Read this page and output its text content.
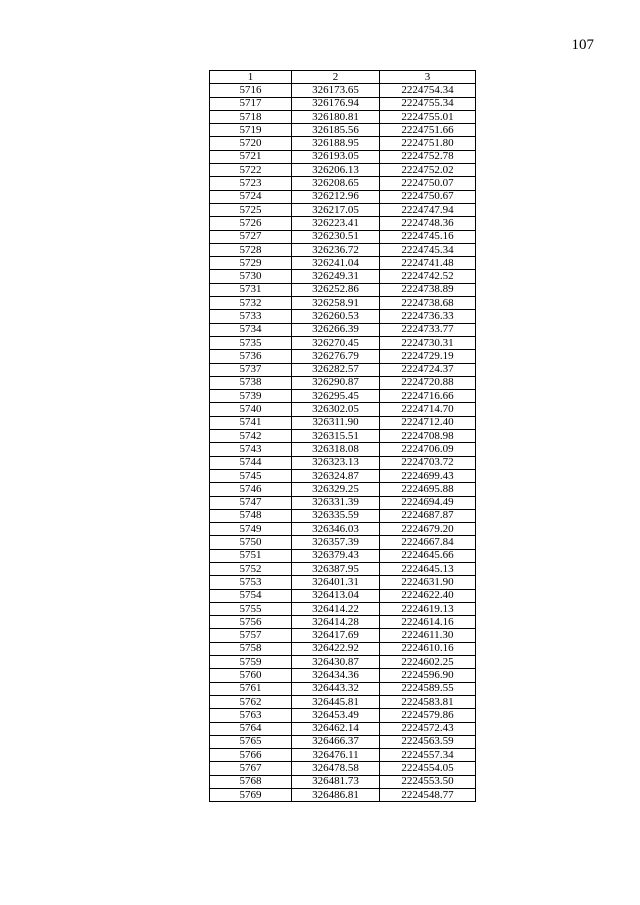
107
1	2	3
5716	326173.65	2224754.34
5717	326176.94	2224755.34
5718	326180.81	2224755.01
5719	326185.56	2224751.66
5720	326188.95	2224751.80
5721	326193.05	2224752.78
5722	326206.13	2224752.02
5723	326208.65	2224750.07
5724	326212.96	2224750.67
5725	326217.05	2224747.94
5726	326223.41	2224748.36
5727	326230.51	2224745.16
5728	326236.72	2224745.34
5729	326241.04	2224741.48
5730	326249.31	2224742.52
5731	326252.86	2224738.89
5732	326258.91	2224738.68
5733	326260.53	2224736.33
5734	326266.39	2224733.77
5735	326270.45	2224730.31
5736	326276.79	2224729.19
5737	326282.57	2224724.37
5738	326290.87	2224720.88
5739	326295.45	2224716.66
5740	326302.05	2224714.70
5741	326311.90	2224712.40
5742	326315.51	2224708.98
5743	326318.08	2224706.09
5744	326323.13	2224703.72
5745	326324.87	2224699.43
5746	326329.25	2224695.88
5747	326331.39	2224694.49
5748	326335.59	2224687.87
5749	326346.03	2224679.20
5750	326357.39	2224667.84
5751	326379.43	2224645.66
5752	326387.95	2224645.13
5753	326401.31	2224631.90
5754	326413.04	2224622.40
5755	326414.22	2224619.13
5756	326414.28	2224614.16
5757	326417.69	2224611.30
5758	326422.92	2224610.16
5759	326430.87	2224602.25
5760	326434.36	2224596.90
5761	326443.32	2224589.55
5762	326445.81	2224583.81
5763	326453.49	2224579.86
5764	326462.14	2224572.43
5765	326466.37	2224563.59
5766	326476.11	2224557.34
5767	326478.58	2224554.05
5768	326481.73	2224553.50
5769	326486.81	2224548.77
